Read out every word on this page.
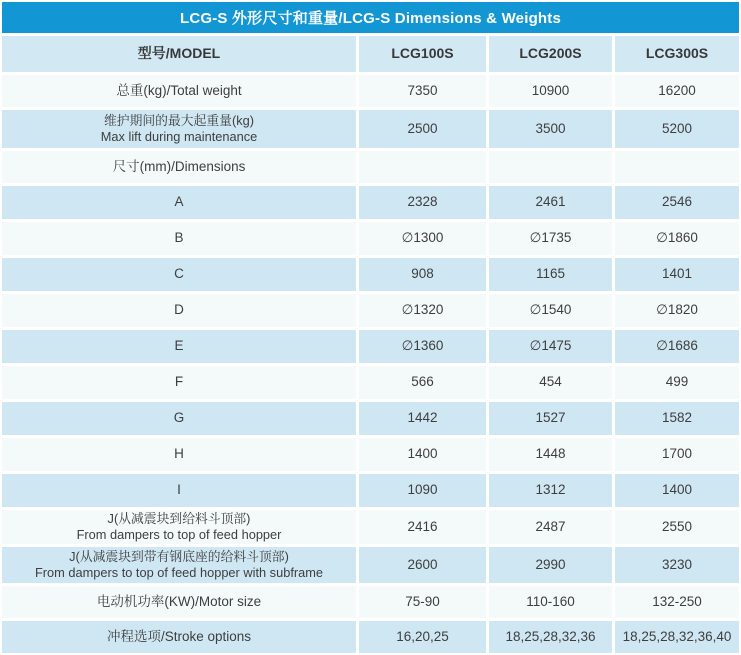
LCG-S 外形尺寸和重量/LCG-S Dimensions & Weights
型号/MODEL	LCG100S	LCG200S	LCG300S
总重(kg)/Total weight	7350	10900	16200
维护期间的最大起重量(kg)
Max lift during maintenance
2500	3500	5200
尺寸(mm)/Dimensions
A	2328	2461	2546
B	∅1300	∅1735	∅1860
C	908	1165	1401
D	∅1320	∅1540	∅1820
E	∅1360	∅1475	∅1686
F	566	454	499
G	1442	1527	1582
H	1400	1448	1700
I	1090	1312	1400
J(从减震块到给料斗顶部)
From dampers to top of feed hopper
2416	2487	2550
J(从减震块到带有钢底座的给料斗顶部)
From dampers to top of feed hopper with subframe
2600	2990	3230
电动机功率(KW)/Motor size	75-90	110-160	132-250
冲程选项/Stroke options	16,20,25	18,25,28,32,36	18,25,28,32,36,40
